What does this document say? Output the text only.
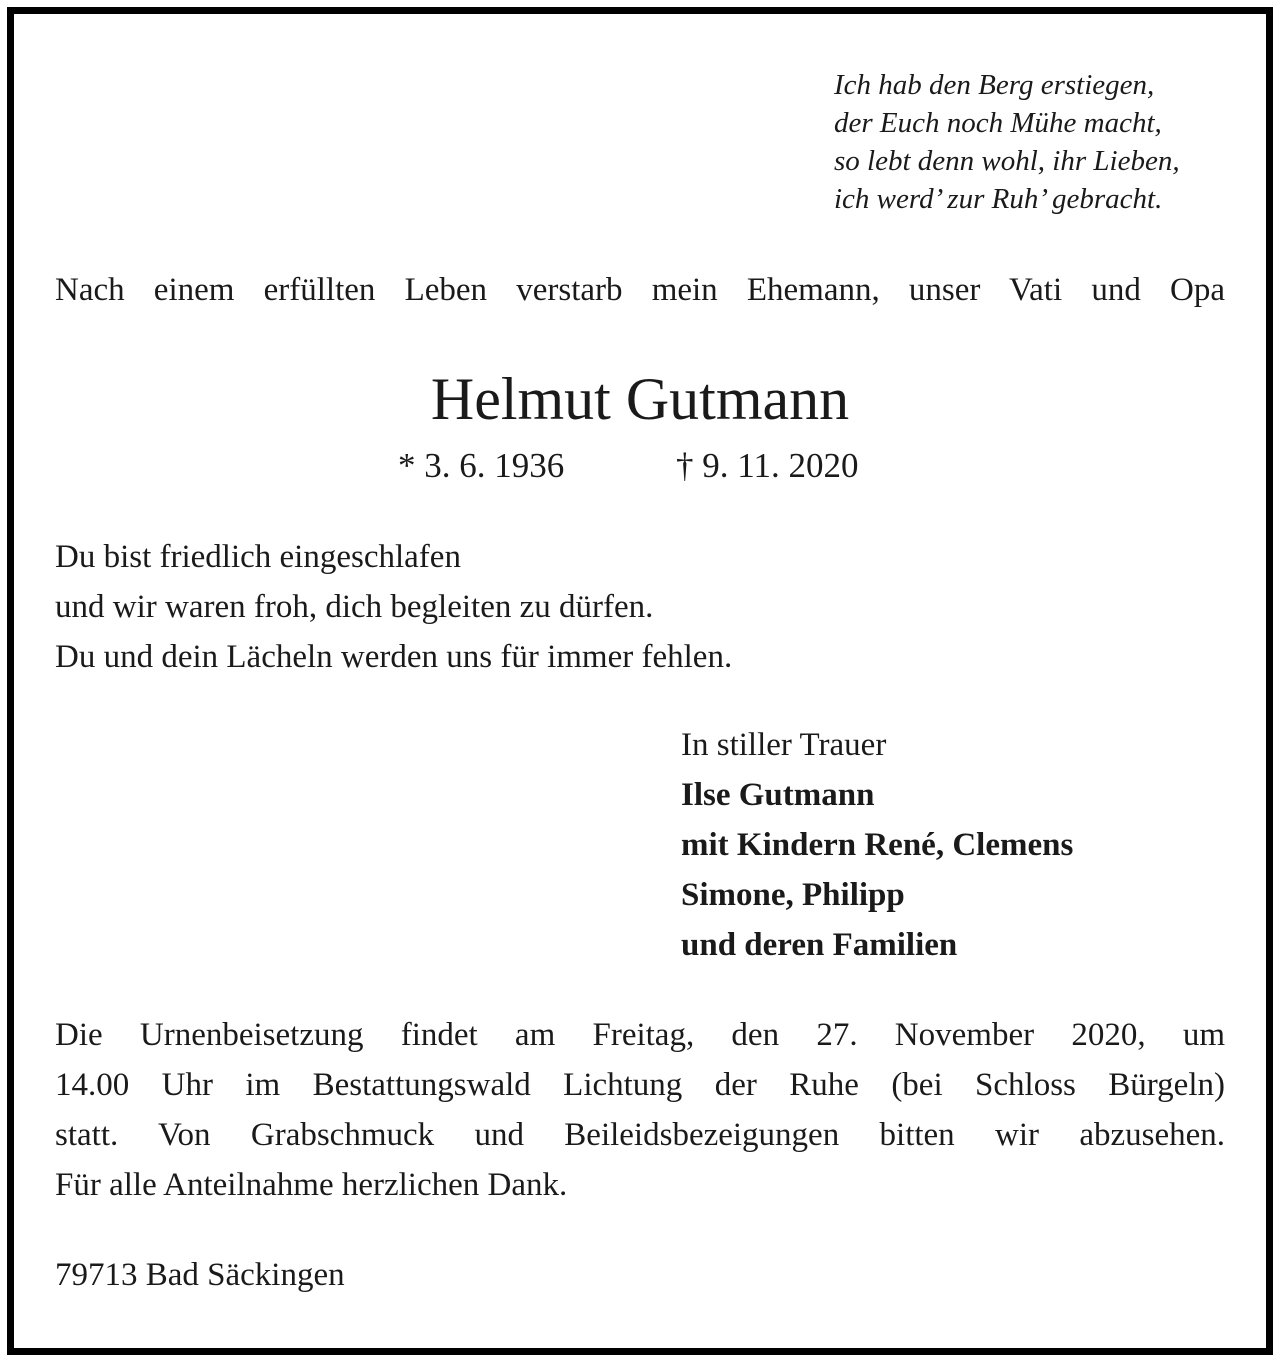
Ich hab den Berg erstiegen,

der Euch noch Mühe macht,

so lebt denn wohl, ihr Lieben,

ich werd’ zur Ruh’ gebracht.

Nach einem erfüllten Leben verstarb mein Ehemann, unser Vati und Opa

Helmut Gutmann

* 3. 6. 1936	† 9. 11. 2020

Du bist friedlich eingeschlafen

und wir waren froh, dich begleiten zu dürfen.

Du und dein Lächeln werden uns für immer fehlen.

In stiller Trauer

Ilse Gutmann

mit Kindern René, Clemens

Simone, Philipp

und deren Familien

Die Urnenbeisetzung findet am Freitag, den 27. November 2020, um

14.00 Uhr im Bestattungswald Lichtung der Ruhe (bei Schloss Bürgeln)

statt. Von Grabschmuck und Beileidsbezeigungen bitten wir abzusehen.

Für alle Anteilnahme herzlichen Dank.

79713 Bad Säckingen
